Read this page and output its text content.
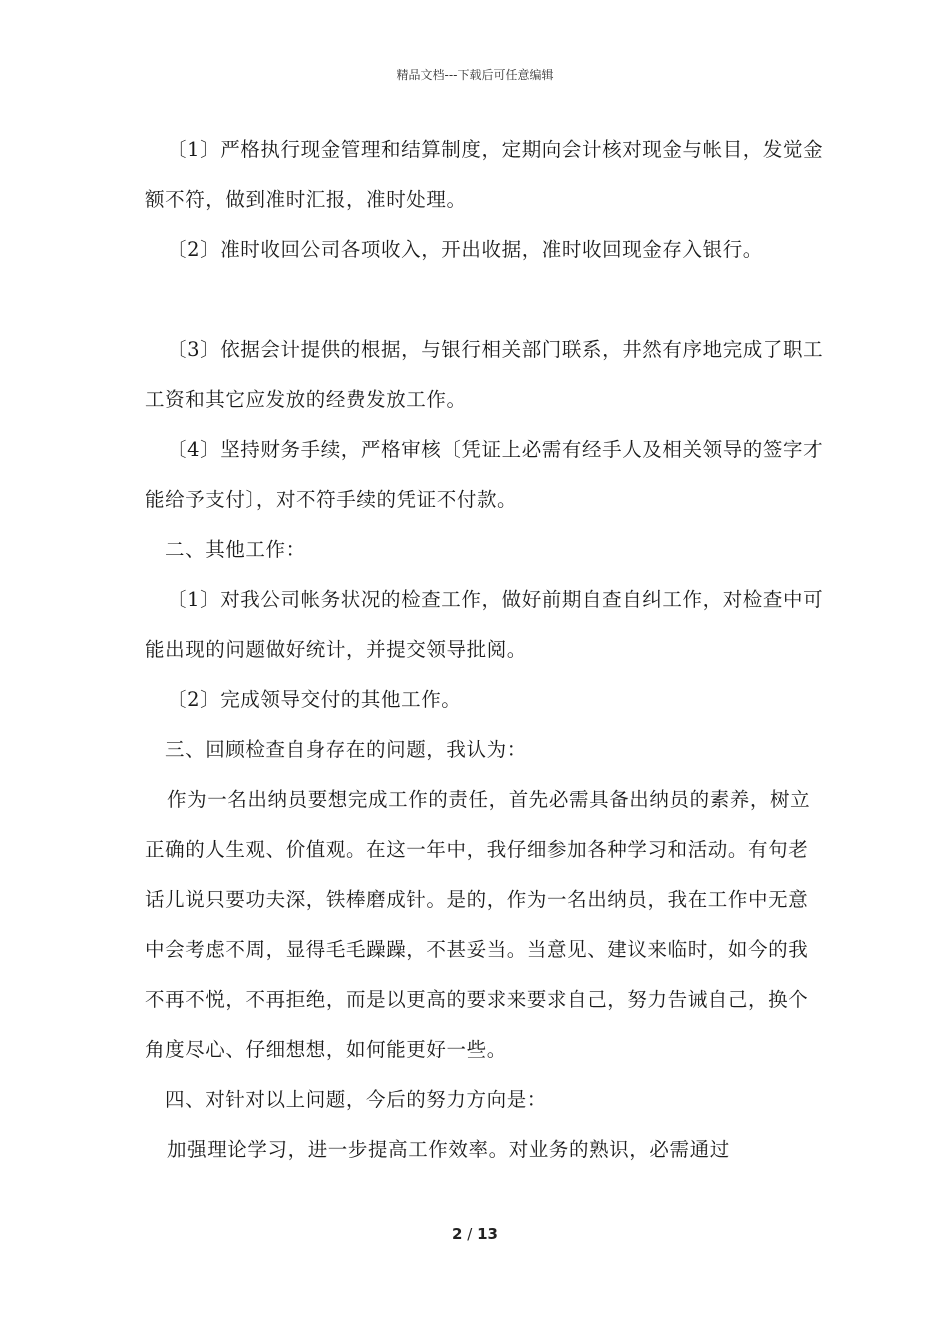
精品文档---下载后可任意编辑

〔1〕严格执行现金管理和结算制度，定期向会计核对现金与帐目，发觉金额不符，做到准时汇报，准时处理。

〔2〕准时收回公司各项收入，开出收据，准时收回现金存入银行。

〔3〕依据会计提供的根据，与银行相关部门联系，井然有序地完成了职工工资和其它应发放的经费发放工作。

〔4〕坚持财务手续，严格审核〔凭证上必需有经手人及相关领导的签字才能给予支付〕，对不符手续的凭证不付款。

二、其他工作：

〔1〕对我公司帐务状况的检查工作，做好前期自查自纠工作，对检查中可能出现的问题做好统计，并提交领导批阅。

〔2〕完成领导交付的其他工作。

三、回顾检查自身存在的问题，我认为：

作为一名出纳员要想完成工作的责任，首先必需具备出纳员的素养，树立正确的人生观、价值观。在这一年中，我仔细参加各种学习和活动。有句老话儿说只要功夫深，铁棒磨成针。是的，作为一名出纳员，我在工作中无意中会考虑不周，显得毛毛躁躁，不甚妥当。当意见、建议来临时，如今的我不再不悦，不再拒绝，而是以更高的要求来要求自己，努力告诫自己，换个角度尽心、仔细想想，如何能更好一些。

四、对针对以上问题，今后的努力方向是：

加强理论学习，进一步提高工作效率。对业务的熟识，必需通过

2 / 13
